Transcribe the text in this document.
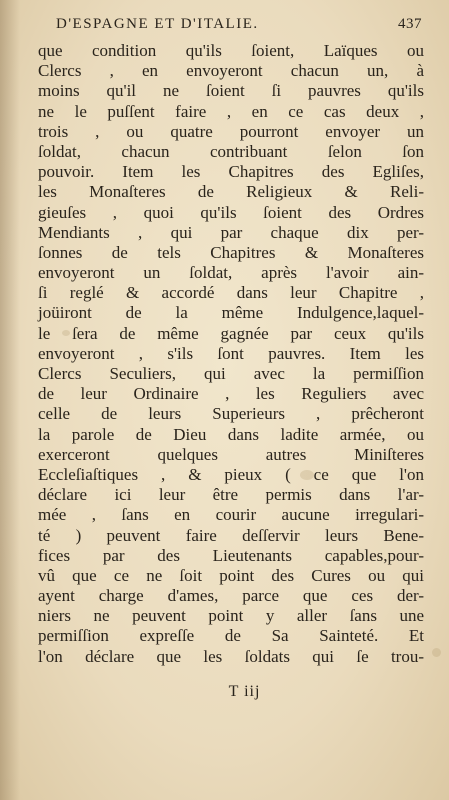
D'ESPAGNE ET D'ITALIE.	437
que condition qu'ils ſoient, Laïques ou
Clercs , en envoyeront chacun un, à
moins qu'il ne ſoient ſi pauvres qu'ils
ne le puſſent faire , en ce cas deux ,
trois , ou quatre pourront envoyer un
ſoldat, chacun contribuant ſelon ſon
pouvoir. Item les Chapitres des Egliſes,
les Monaſteres de Religieux & Reli-
gieuſes , quoi qu'ils ſoient des Ordres
Mendiants , qui par chaque dix per-
ſonnes de tels Chapitres & Monaſteres
envoyeront un ſoldat, après l'avoir ain-
ſi reglé & accordé dans leur Chapitre ,
joüiront de la même Indulgence,laquel-
le ſera de même gagnée par ceux qu'ils
envoyeront , s'ils ſont pauvres. Item les
Clercs Seculiers, qui avec la permiſſion
de leur Ordinaire , les Reguliers avec
celle de leurs Superieurs , prêcheront
la parole de Dieu dans ladite armée, ou
exerceront quelques autres Miniſteres
Eccleſiaſtiques , & pieux ( ce que l'on
déclare ici leur être permis dans l'ar-
mée , ſans en courir aucune irregulari-
té ) peuvent faire deſſervir leurs Bene-
fices par des Lieutenants capables,pour-
vû que ce ne ſoit point des Cures ou qui
ayent charge d'ames, parce que ces der-
niers ne peuvent point y aller ſans une
permiſſion expreſſe de Sa Sainteté. Et
l'on déclare que les ſoldats qui ſe trou-
T iij
